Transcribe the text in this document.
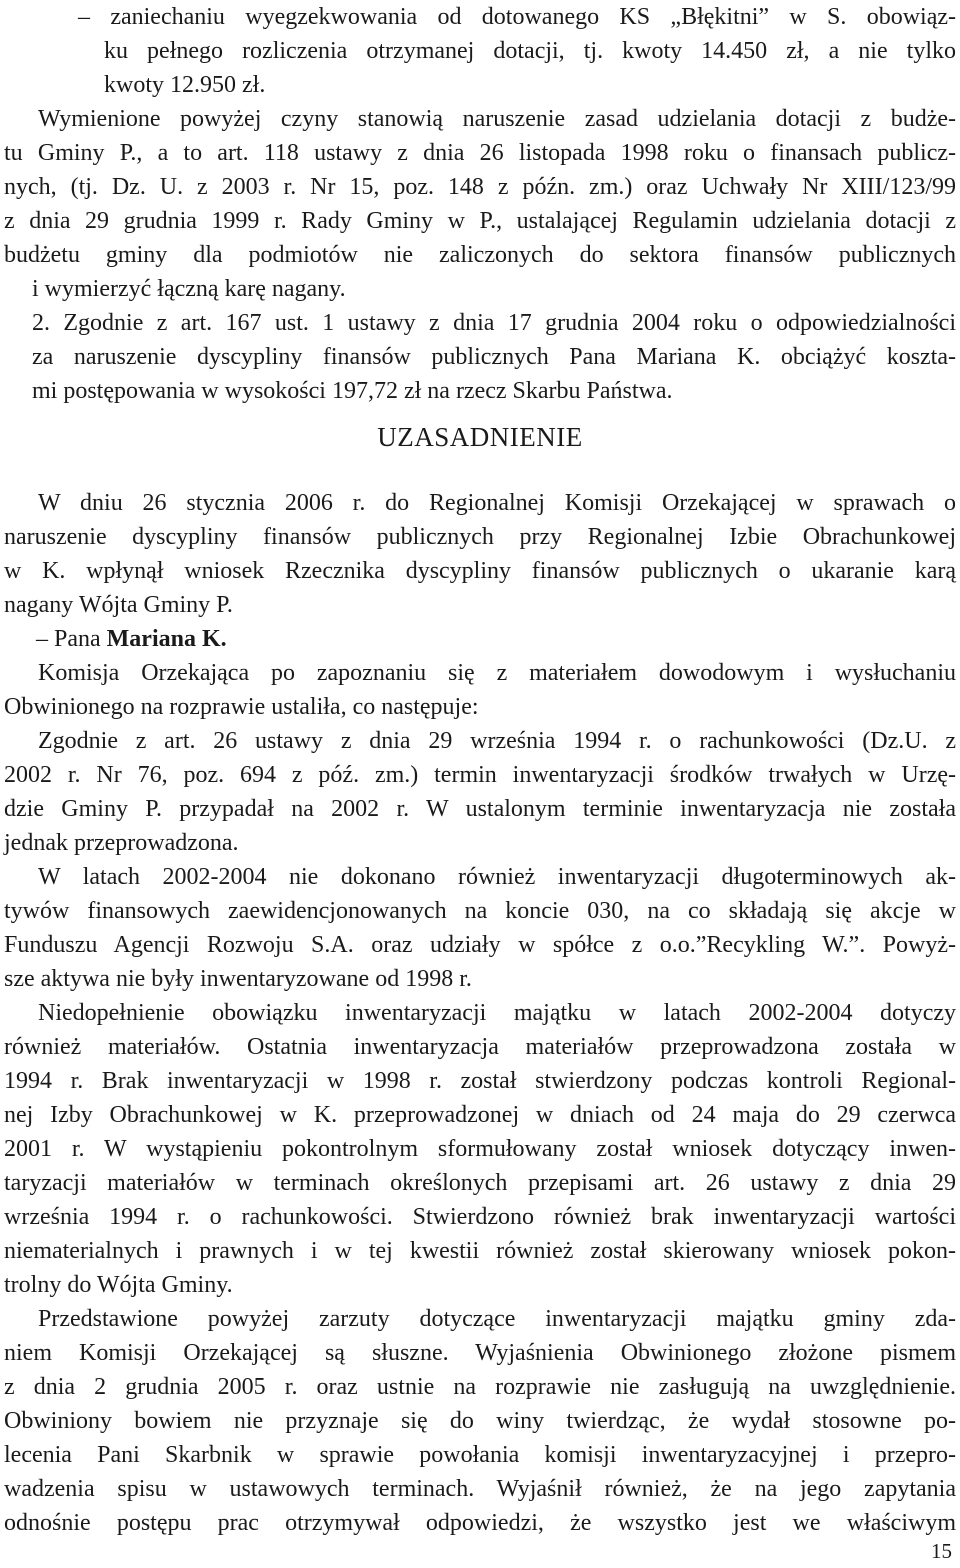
– zaniechaniu wyegzekwowania od dotowanego KS „Błękitni” w S. obowiąz-
ku pełnego rozliczenia otrzymanej dotacji, tj. kwoty 14.450 zł, a nie tylko
kwoty 12.950 zł.
Wymienione powyżej czyny stanowią naruszenie zasad udzielania dotacji z budże-
tu Gminy P., a to art. 118 ustawy z dnia 26 listopada 1998 roku o finansach publicz-
nych, (tj. Dz. U. z 2003 r. Nr 15, poz. 148 z późn. zm.) oraz Uchwały Nr XIII/123/99
z dnia 29 grudnia 1999 r. Rady Gminy w P., ustalającej Regulamin udzielania dotacji z
budżetu gminy dla podmiotów nie zaliczonych do sektora finansów publicznych
i wymierzyć łączną karę nagany.
2. Zgodnie z art. 167 ust. 1 ustawy z dnia 17 grudnia 2004 roku o odpowiedzialności
za naruszenie dyscypliny finansów publicznych Pana Mariana K. obciążyć koszta-
mi postępowania w wysokości 197,72 zł na rzecz Skarbu Państwa.
UZASADNIENIE
W dniu 26 stycznia 2006 r. do Regionalnej Komisji Orzekającej w sprawach o
naruszenie dyscypliny finansów publicznych przy Regionalnej Izbie Obrachunkowej
w K. wpłynął wniosek Rzecznika dyscypliny finansów publicznych o ukaranie karą
nagany Wójta Gminy P.
– Pana Mariana K.
Komisja Orzekająca po zapoznaniu się z materiałem dowodowym i wysłuchaniu
Obwinionego na rozprawie ustaliła, co następuje:
Zgodnie z art. 26 ustawy z dnia 29 września 1994 r. o rachunkowości (Dz.U. z
2002 r. Nr 76, poz. 694 z póź. zm.) termin inwentaryzacji środków trwałych w Urzę-
dzie Gminy P. przypadał na 2002 r. W ustalonym terminie inwentaryzacja nie została
jednak przeprowadzona.
W latach 2002-2004 nie dokonano również inwentaryzacji długoterminowych ak-
tywów finansowych zaewidencjonowanych na koncie 030, na co składają się akcje w
Funduszu Agencji Rozwoju S.A. oraz udziały w spółce z o.o.”Recykling W.”. Powyż-
sze aktywa nie były inwentaryzowane od 1998 r.
Niedopełnienie obowiązku inwentaryzacji majątku w latach 2002-2004 dotyczy
również materiałów. Ostatnia inwentaryzacja materiałów przeprowadzona została w
1994 r. Brak inwentaryzacji w 1998 r. został stwierdzony podczas kontroli Regional-
nej Izby Obrachunkowej w K. przeprowadzonej w dniach od 24 maja do 29 czerwca
2001 r. W wystąpieniu pokontrolnym sformułowany został wniosek dotyczący inwen-
taryzacji materiałów w terminach określonych przepisami art. 26 ustawy z dnia 29
września 1994 r. o rachunkowości. Stwierdzono również brak inwentaryzacji wartości
niematerialnych i prawnych i w tej kwestii również został skierowany wniosek pokon-
trolny do Wójta Gminy.
Przedstawione powyżej zarzuty dotyczące inwentaryzacji majątku gminy zda-
niem Komisji Orzekającej są słuszne. Wyjaśnienia Obwinionego złożone pismem
z dnia 2 grudnia 2005 r. oraz ustnie na rozprawie nie zasługują na uwzględnienie.
Obwiniony bowiem nie przyznaje się do winy twierdząc, że wydał stosowne po-
lecenia Pani Skarbnik w sprawie powołania komisji inwentaryzacyjnej i przepro-
wadzenia spisu w ustawowych terminach. Wyjaśnił również, że na jego zapytania
odnośnie postępu prac otrzymywał odpowiedzi, że wszystko jest we właściwym
15
